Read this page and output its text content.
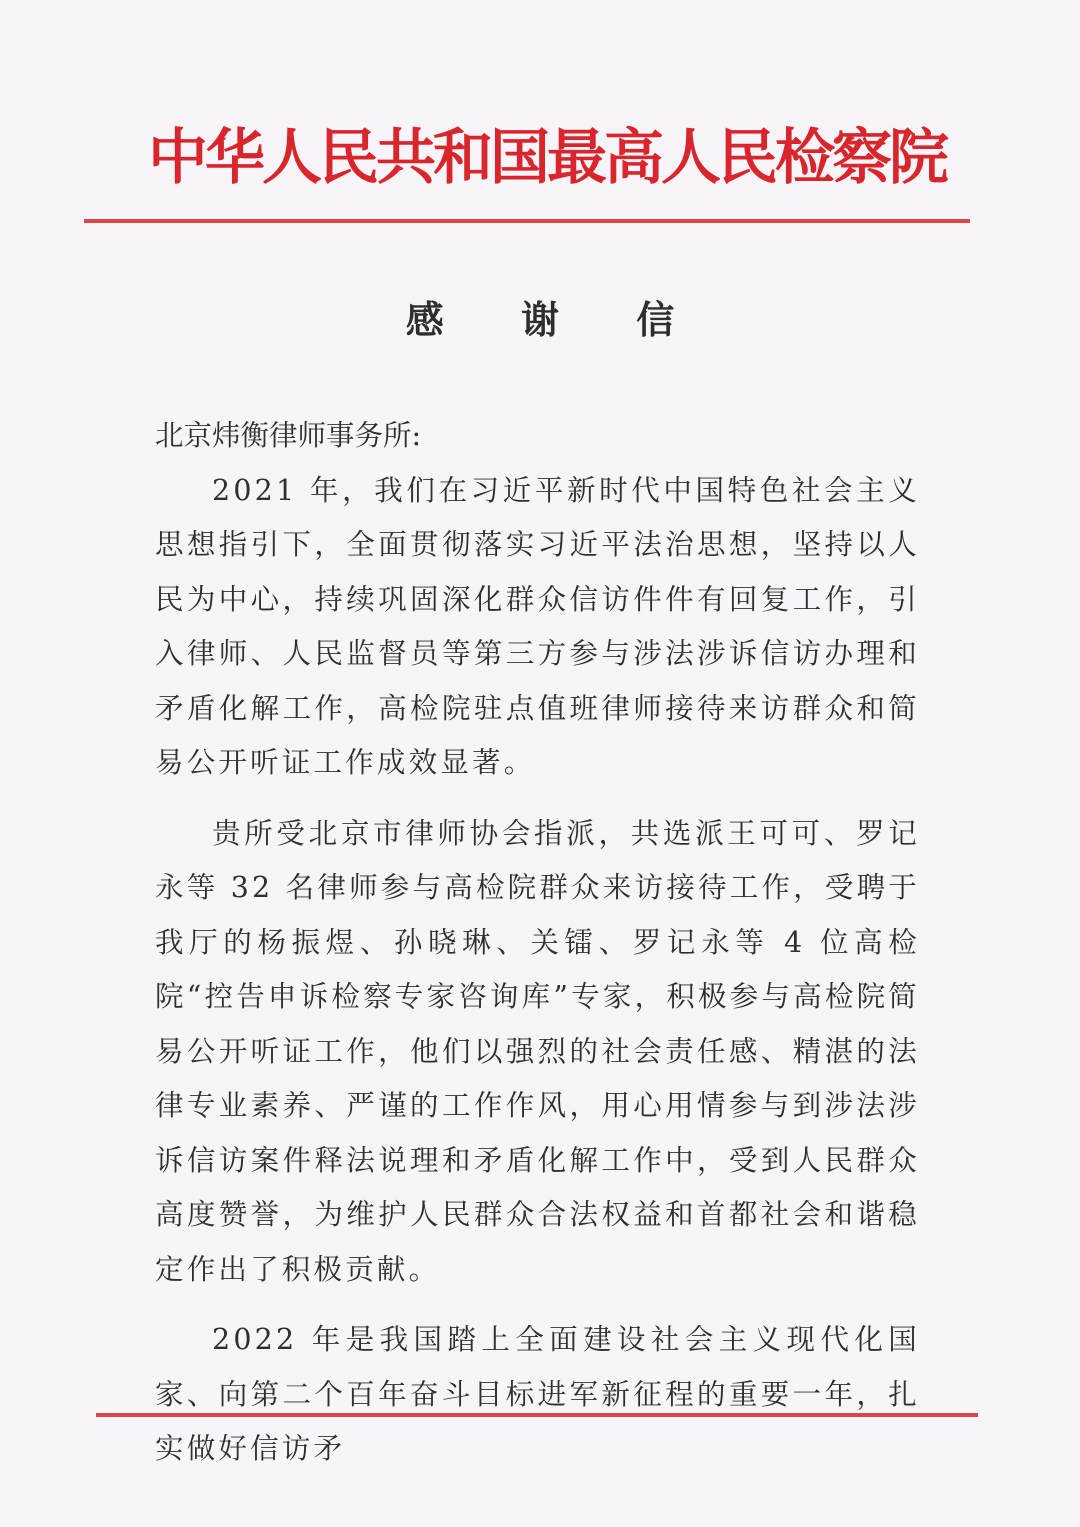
中华人民共和国最高人民检察院
感 谢 信

北京炜衡律师事务所:

2021 年，我们在习近平新时代中国特色社会主义思想指引下，全面贯彻落实习近平法治思想，坚持以人民为中心，持续巩固深化群众信访件件有回复工作，引入律师、人民监督员等第三方参与涉法涉诉信访办理和矛盾化解工作，高检院驻点值班律师接待来访群众和简易公开听证工作成效显著。

贵所受北京市律师协会指派，共选派王可可、罗记永等 32 名律师参与高检院群众来访接待工作，受聘于我厅的杨振煜、孙晓琳、关镭、罗记永等 4 位高检院“控告申诉检察专家咨询库”专家，积极参与高检院简易公开听证工作，他们以强烈的社会责任感、精湛的法律专业素养、严谨的工作作风，用心用情参与到涉法涉诉信访案件释法说理和矛盾化解工作中，受到人民群众高度赞誉，为维护人民群众合法权益和首都社会和谐稳定作出了积极贡献。

2022 年是我国踏上全面建设社会主义现代化国家、向第二个百年奋斗目标进军新征程的重要一年，扎实做好信访矛
